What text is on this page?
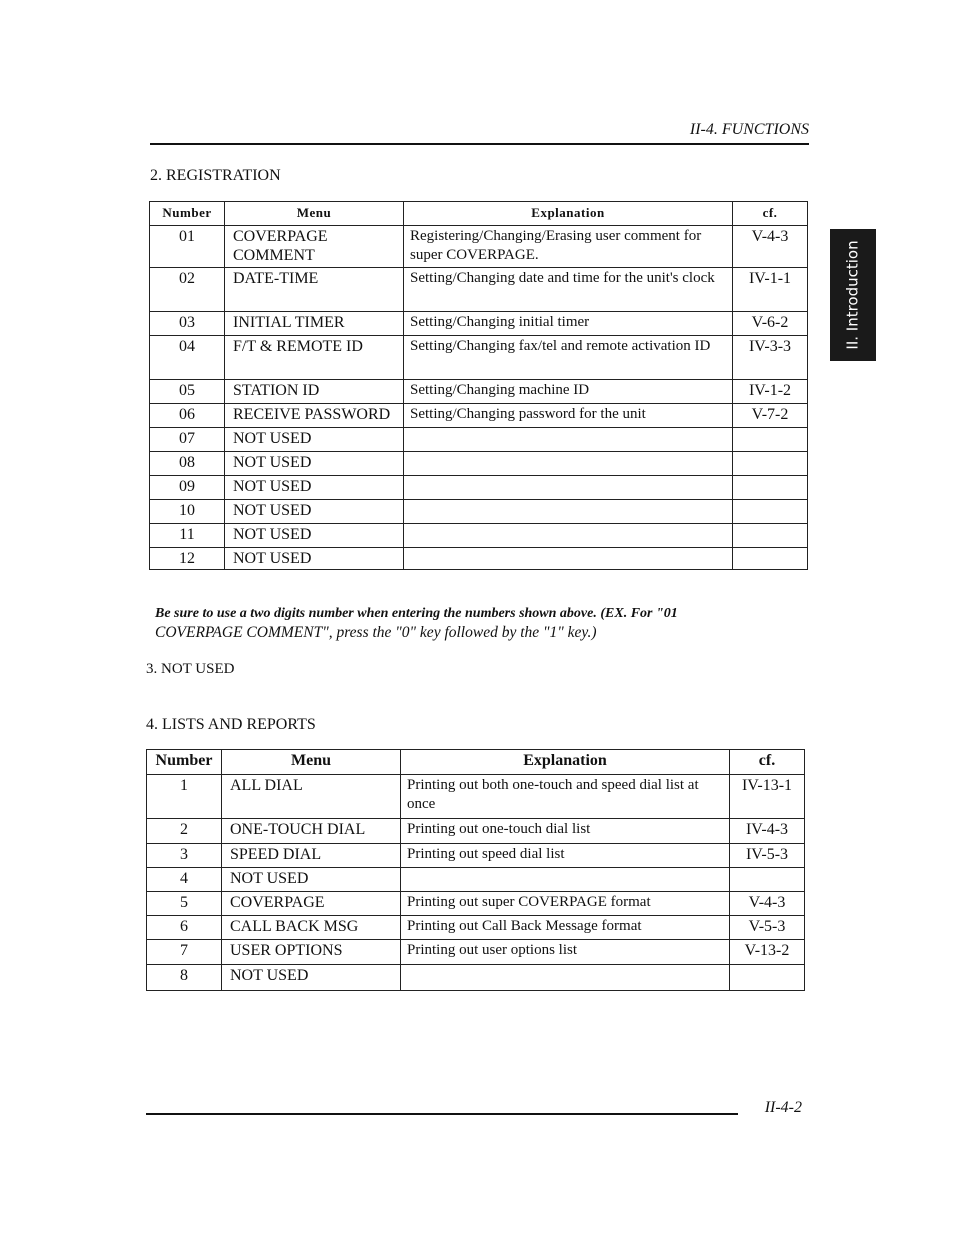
II-4. FUNCTIONS
II. Introduction
2. REGISTRATION
Number	Menu	Explanation	cf.
01	COVERPAGE COMMENT	Registering/Changing/Erasing user comment for super COVERPAGE.	V-4-3
02	DATE-TIME	Setting/Changing date and time for the unit's clock	IV-1-1
03	INITIAL TIMER	Setting/Changing initial timer	V-6-2
04	F/T & REMOTE ID	Setting/Changing fax/tel and remote activation ID	IV-3-3
05	STATION ID	Setting/Changing machine ID	IV-1-2
06	RECEIVE PASSWORD	Setting/Changing password for the unit	V-7-2
07	NOT USED		
08	NOT USED		
09	NOT USED		
10	NOT USED		
11	NOT USED		
12	NOT USED		
Be sure to use a two digits number when entering the numbers shown above. (EX. For "01
COVERPAGE COMMENT", press the "0" key followed by the "1" key.)
3. NOT USED
4. LISTS AND REPORTS
Number	Menu	Explanation	cf.
1	ALL DIAL	Printing out both one-touch and speed dial list at once	IV-13-1
2	ONE-TOUCH DIAL	Printing out one-touch dial list	IV-4-3
3	SPEED DIAL	Printing out speed dial list	IV-5-3
4	NOT USED		
5	COVERPAGE	Printing out super COVERPAGE format	V-4-3
6	CALL BACK MSG	Printing out Call Back Message format	V-5-3
7	USER OPTIONS	Printing out user options list	V-13-2
8	NOT USED		
II-4-2
